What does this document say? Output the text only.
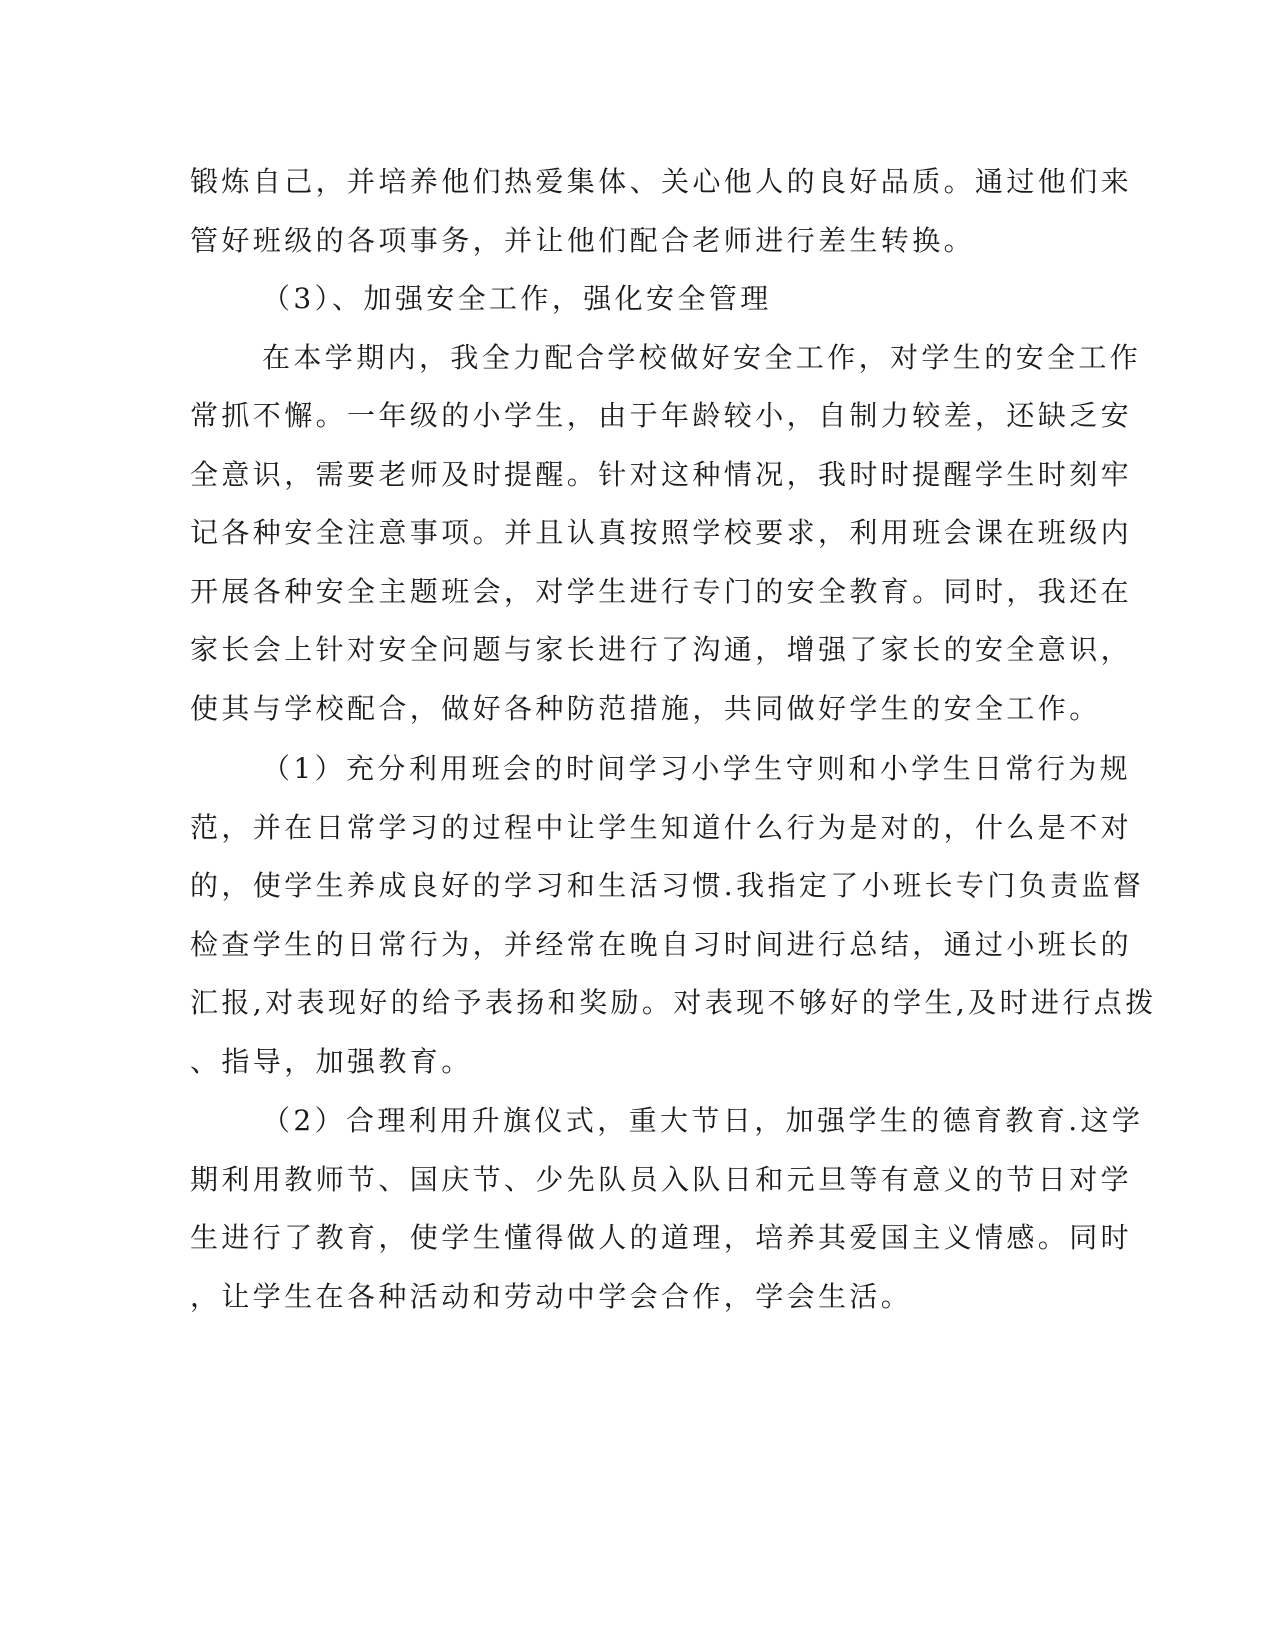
锻炼自己，并培养他们热爱集体、关心他人的良好品质。通过他们来
管好班级的各项事务，并让他们配合老师进行差生转换。
（3）、加强安全工作，强化安全管理
在本学期内，我全力配合学校做好安全工作，对学生的安全工作
常抓不懈。一年级的小学生，由于年龄较小，自制力较差，还缺乏安
全意识，需要老师及时提醒。针对这种情况，我时时提醒学生时刻牢
记各种安全注意事项。并且认真按照学校要求，利用班会课在班级内
开展各种安全主题班会，对学生进行专门的安全教育。同时，我还在
家长会上针对安全问题与家长进行了沟通，增强了家长的安全意识，
使其与学校配合，做好各种防范措施，共同做好学生的安全工作。
（1）充分利用班会的时间学习小学生守则和小学生日常行为规
范，并在日常学习的过程中让学生知道什么行为是对的，什么是不对
的，使学生养成良好的学习和生活习惯.我指定了小班长专门负责监督
检查学生的日常行为，并经常在晚自习时间进行总结，通过小班长的
汇报,对表现好的给予表扬和奖励。对表现不够好的学生,及时进行点拨
、指导，加强教育。
（2）合理利用升旗仪式，重大节日，加强学生的德育教育.这学
期利用教师节、国庆节、少先队员入队日和元旦等有意义的节日对学
生进行了教育，使学生懂得做人的道理，培养其爱国主义情感。同时
，让学生在各种活动和劳动中学会合作，学会生活。
